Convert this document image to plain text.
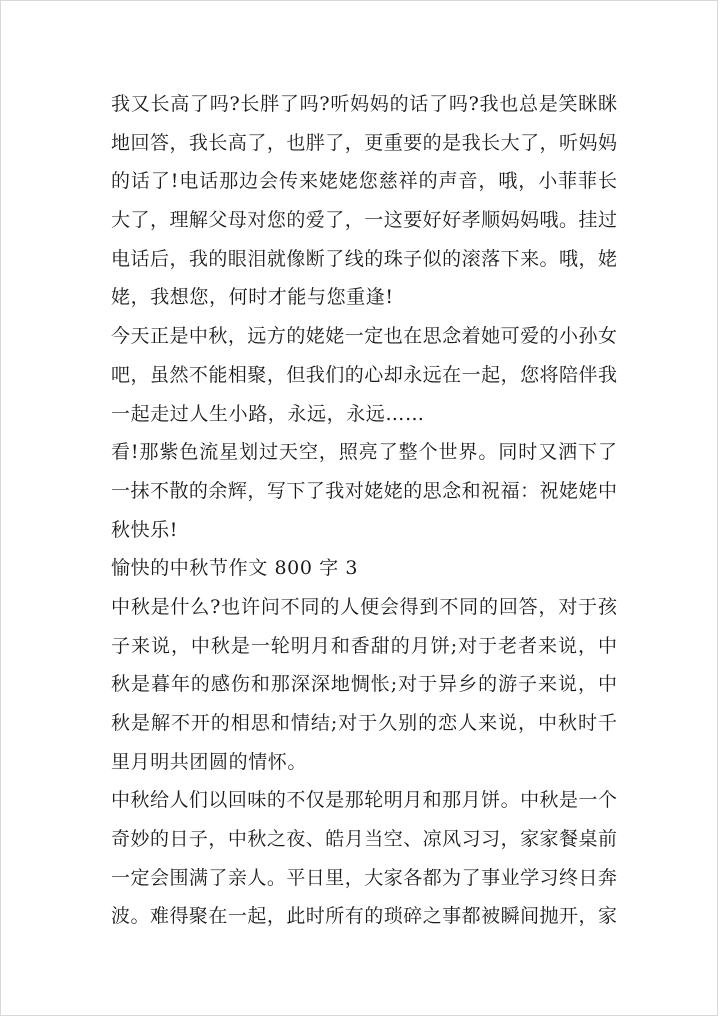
我又长高了吗?长胖了吗?听妈妈的话了吗?我也总是笑眯眯
地回答，我长高了，也胖了，更重要的是我长大了，听妈妈
的话了!电话那边会传来姥姥您慈祥的声音，哦，小菲菲长
大了，理解父母对您的爱了，一这要好好孝顺妈妈哦。挂过
电话后，我的眼泪就像断了线的珠子似的滚落下来。哦，姥
姥，我想您，何时才能与您重逢!
今天正是中秋，远方的姥姥一定也在思念着她可爱的小孙女
吧，虽然不能相聚，但我们的心却永远在一起，您将陪伴我
一起走过人生小路，永远，永远……
看!那紫色流星划过天空，照亮了整个世界。同时又洒下了
一抹不散的余辉，写下了我对姥姥的思念和祝福：祝姥姥中
秋快乐!
愉快的中秋节作文 800 字 3
中秋是什么?也许问不同的人便会得到不同的回答，对于孩
子来说，中秋是一轮明月和香甜的月饼;对于老者来说，中
秋是暮年的感伤和那深深地惆怅;对于异乡的游子来说，中
秋是解不开的相思和情结;对于久别的恋人来说，中秋时千
里月明共团圆的情怀。
中秋给人们以回味的不仅是那轮明月和那月饼。中秋是一个
奇妙的日子，中秋之夜、皓月当空、凉风习习，家家餐桌前
一定会围满了亲人。平日里，大家各都为了事业学习终日奔
波。难得聚在一起，此时所有的琐碎之事都被瞬间抛开，家
